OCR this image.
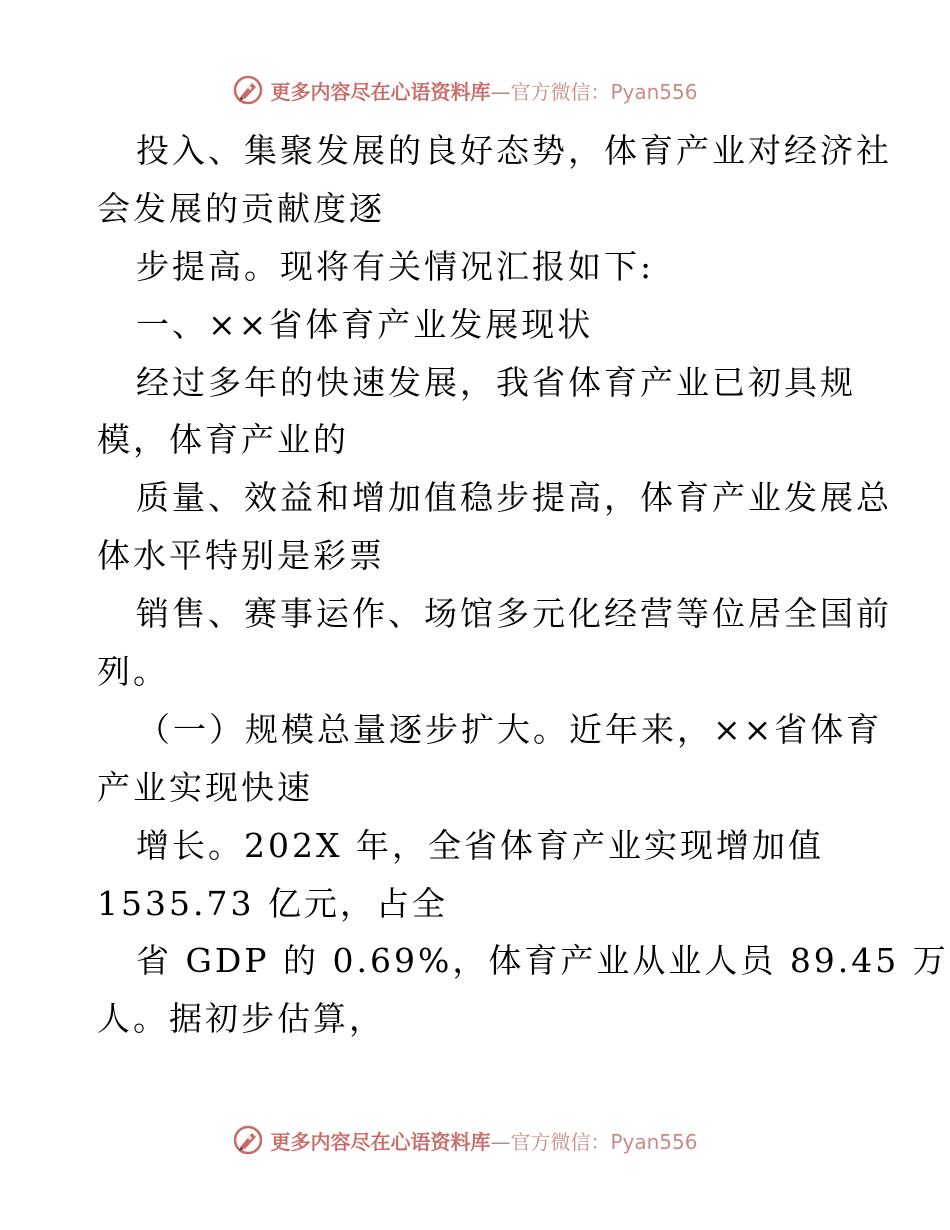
更多内容尽在心语资料库—官方微信：Pyan556
投入、集聚发展的良好态势，体育产业对经济社
会发展的贡献度逐
步提高。现将有关情况汇报如下:
一、××省体育产业发展现状
经过多年的快速发展，我省体育产业已初具规
模，体育产业的
质量、效益和增加值稳步提高，体育产业发展总
体水平特别是彩票
销售、赛事运作、场馆多元化经营等位居全国前
列。
（一）规模总量逐步扩大。近年来，××省体育
产业实现快速
增长。202X 年，全省体育产业实现增加值
1535.73 亿元，占全
省 GDP 的 0.69%，体育产业从业人员 89.45 万
人。据初步估算，
更多内容尽在心语资料库—官方微信：Pyan556
